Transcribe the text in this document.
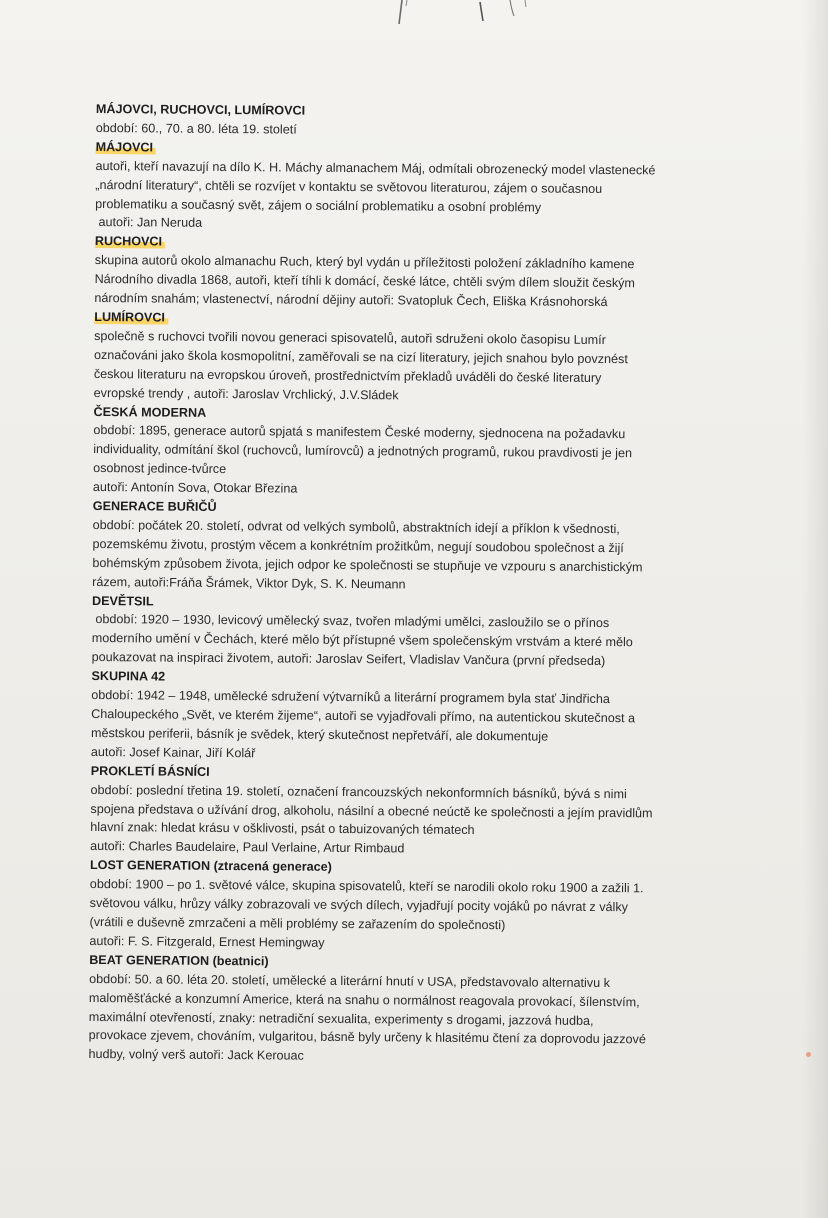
MÁJOVCI, RUCHOVCI, LUMÍROVCI
období: 60., 70. a 80. léta 19. století
MÁJOVCI
autoři, kteří navazují na dílo K. H. Máchy almanachem Máj, odmítali obrozenecký model vlastenecké
„národní literatury“, chtěli se rozvíjet v kontaktu se světovou literaturou, zájem o současnou
problematiku a současný svět, zájem o sociální problematiku a osobní problémy
autoři: Jan Neruda
RUCHOVCI
skupina autorů okolo almanachu Ruch, který byl vydán u příležitosti položení základního kamene
Národního divadla 1868, autoři, kteří tíhli k domácí, české látce, chtěli svým dílem sloužit českým
národním snahám; vlastenectví, národní dějiny autoři: Svatopluk Čech, Eliška Krásnohorská
LUMÍROVCI
společně s ruchovci tvořili novou generaci spisovatelů, autoři sdruženi okolo časopisu Lumír
označováni jako škola kosmopolitní, zaměřovali se na cizí literatury, jejich snahou bylo povznést
českou literaturu na evropskou úroveň, prostřednictvím překladů uváděli do české literatury
evropské trendy , autoři: Jaroslav Vrchlický, J.V.Sládek
ČESKÁ MODERNA
období: 1895, generace autorů spjatá s manifestem České moderny, sjednocena na požadavku
individuality, odmítání škol (ruchovců, lumírovců) a jednotných programů, rukou pravdivosti je jen
osobnost jedince-tvůrce
autoři: Antonín Sova, Otokar Březina
GENERACE BUŘIČŮ
období: počátek 20. století, odvrat od velkých symbolů, abstraktních idejí a příklon k všednosti,
pozemskému životu, prostým věcem a konkrétním prožitkům, negují soudobou společnost a žijí
bohémským způsobem života, jejich odpor ke společnosti se stupňuje ve vzpouru s anarchistickým
rázem, autoři:Fráňa Šrámek, Viktor Dyk, S. K. Neumann
DEVĚTSIL
období: 1920 – 1930, levicový umělecký svaz, tvořen mladými umělci, zasloužilo se o přínos
moderního umění v Čechách, které mělo být přístupné všem společenským vrstvám a které mělo
poukazovat na inspiraci životem, autoři: Jaroslav Seifert, Vladislav Vančura (první předseda)
SKUPINA 42
období: 1942 – 1948, umělecké sdružení výtvarníků a literární programem byla stať Jindřicha
Chaloupeckého „Svět, ve kterém žijeme“, autoři se vyjadřovali přímo, na autentickou skutečnost a
městskou periferii, básník je svědek, který skutečnost nepřetváří, ale dokumentuje
autoři: Josef Kainar, Jiří Kolář
PROKLETÍ BÁSNÍCI
období: poslední třetina 19. století, označení francouzských nekonformních básníků, bývá s nimi
spojena představa o užívání drog, alkoholu, násilní a obecné neúctě ke společnosti a jejím pravidlům
hlavní znak: hledat krásu v ošklivosti, psát o tabuizovaných tématech
autoři: Charles Baudelaire, Paul Verlaine, Artur Rimbaud
LOST GENERATION (ztracená generace)
období: 1900 – po 1. světové válce, skupina spisovatelů, kteří se narodili okolo roku 1900 a zažili 1.
světovou válku, hrůzy války zobrazovali ve svých dílech, vyjadřují pocity vojáků po návrat z války
(vrátili e duševně zmrzačeni a měli problémy se zařazením do společnosti)
autoři: F. S. Fitzgerald, Ernest Hemingway
BEAT GENERATION (beatnici)
období: 50. a 60. léta 20. století, umělecké a literární hnutí v USA, představovalo alternativu k
maloměšťácké a konzumní Americe, která na snahu o normálnost reagovala provokací, šílenstvím,
maximální otevřeností, znaky: netradiční sexualita, experimenty s drogami, jazzová hudba,
provokace zjevem, chováním, vulgaritou, básně byly určeny k hlasitému čtení za doprovodu jazzové
hudby, volný verš autoři: Jack Kerouac
